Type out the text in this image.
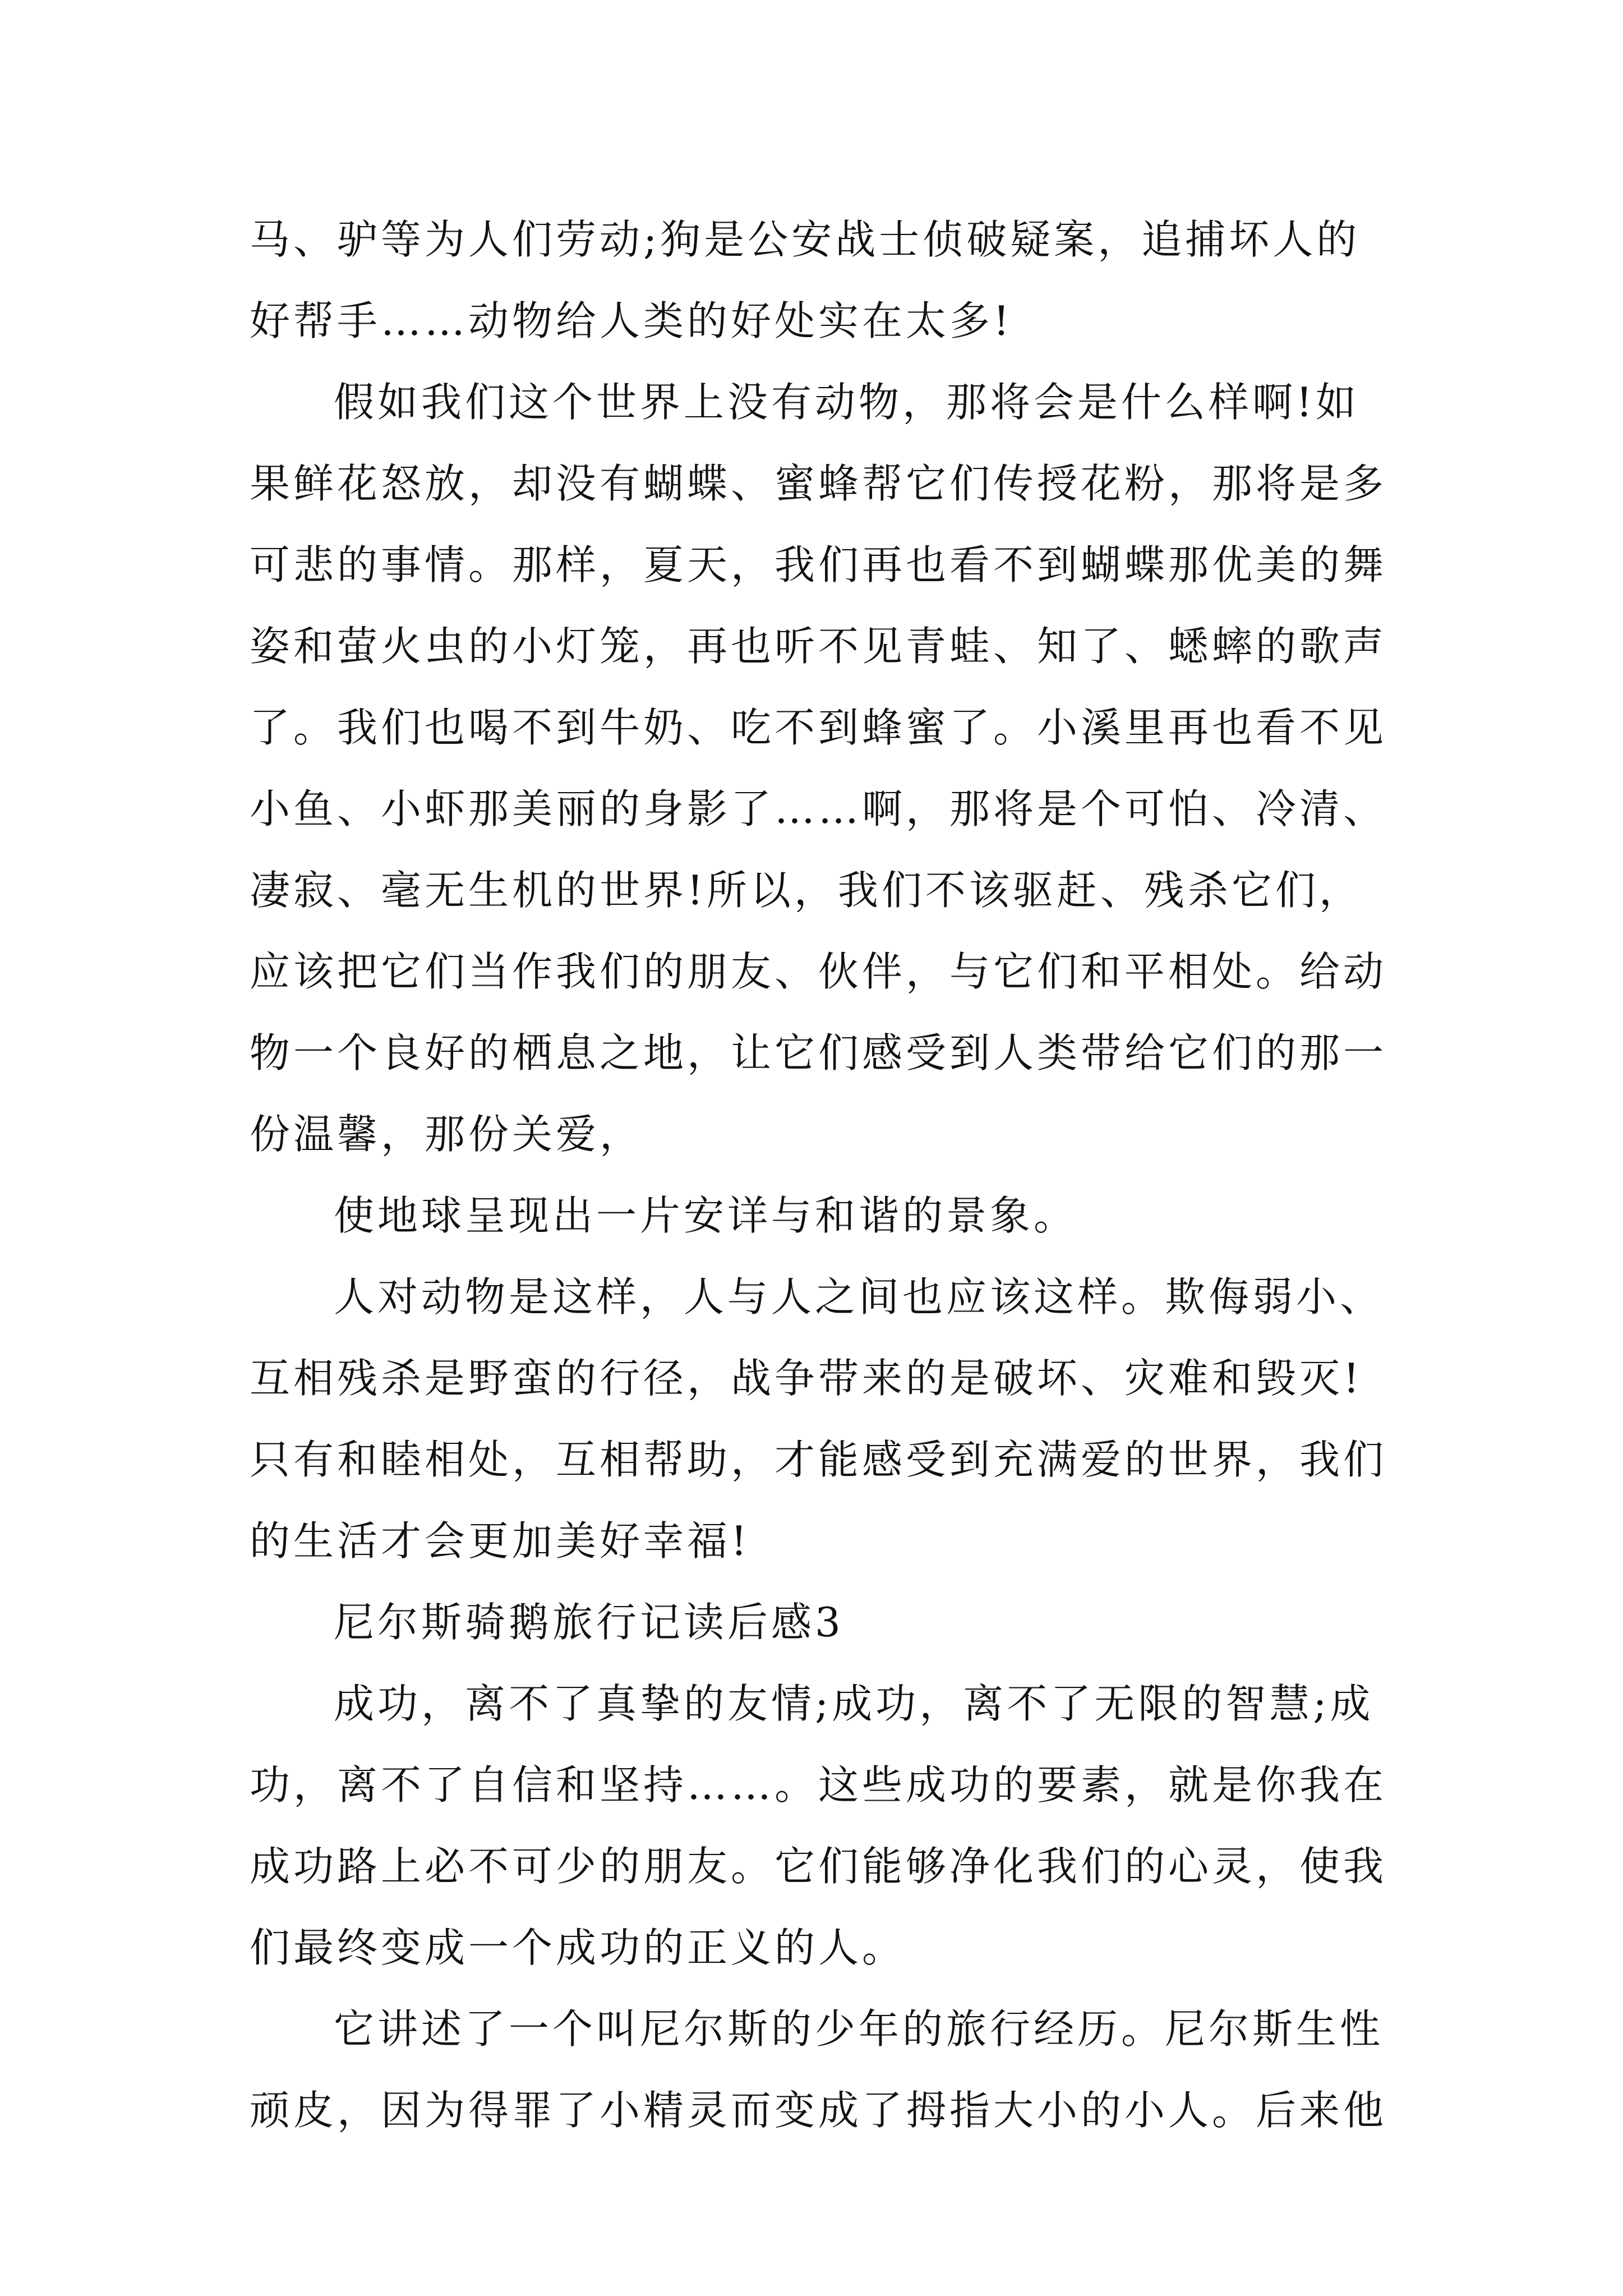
马、驴等为人们劳动;狗是公安战士侦破疑案，追捕坏人的

好帮手……动物给人类的好处实在太多!

假如我们这个世界上没有动物，那将会是什么样啊!如

果鲜花怒放，却没有蝴蝶、蜜蜂帮它们传授花粉，那将是多

可悲的事情。那样，夏天，我们再也看不到蝴蝶那优美的舞

姿和萤火虫的小灯笼，再也听不见青蛙、知了、蟋蟀的歌声

了。我们也喝不到牛奶、吃不到蜂蜜了。小溪里再也看不见

小鱼、小虾那美丽的身影了……啊，那将是个可怕、冷清、

凄寂、毫无生机的世界!所以，我们不该驱赶、残杀它们，

应该把它们当作我们的朋友、伙伴，与它们和平相处。给动

物一个良好的栖息之地，让它们感受到人类带给它们的那一

份温馨，那份关爱，

使地球呈现出一片安详与和谐的景象。

人对动物是这样，人与人之间也应该这样。欺侮弱小、

互相残杀是野蛮的行径，战争带来的是破坏、灾难和毁灭!

只有和睦相处，互相帮助，才能感受到充满爱的世界，我们

的生活才会更加美好幸福!

尼尔斯骑鹅旅行记读后感3

成功，离不了真挚的友情;成功，离不了无限的智慧;成

功，离不了自信和坚持……。这些成功的要素，就是你我在

成功路上必不可少的朋友。它们能够净化我们的心灵，使我

们最终变成一个成功的正义的人。

它讲述了一个叫尼尔斯的少年的旅行经历。尼尔斯生性

顽皮，因为得罪了小精灵而变成了拇指大小的小人。后来他
